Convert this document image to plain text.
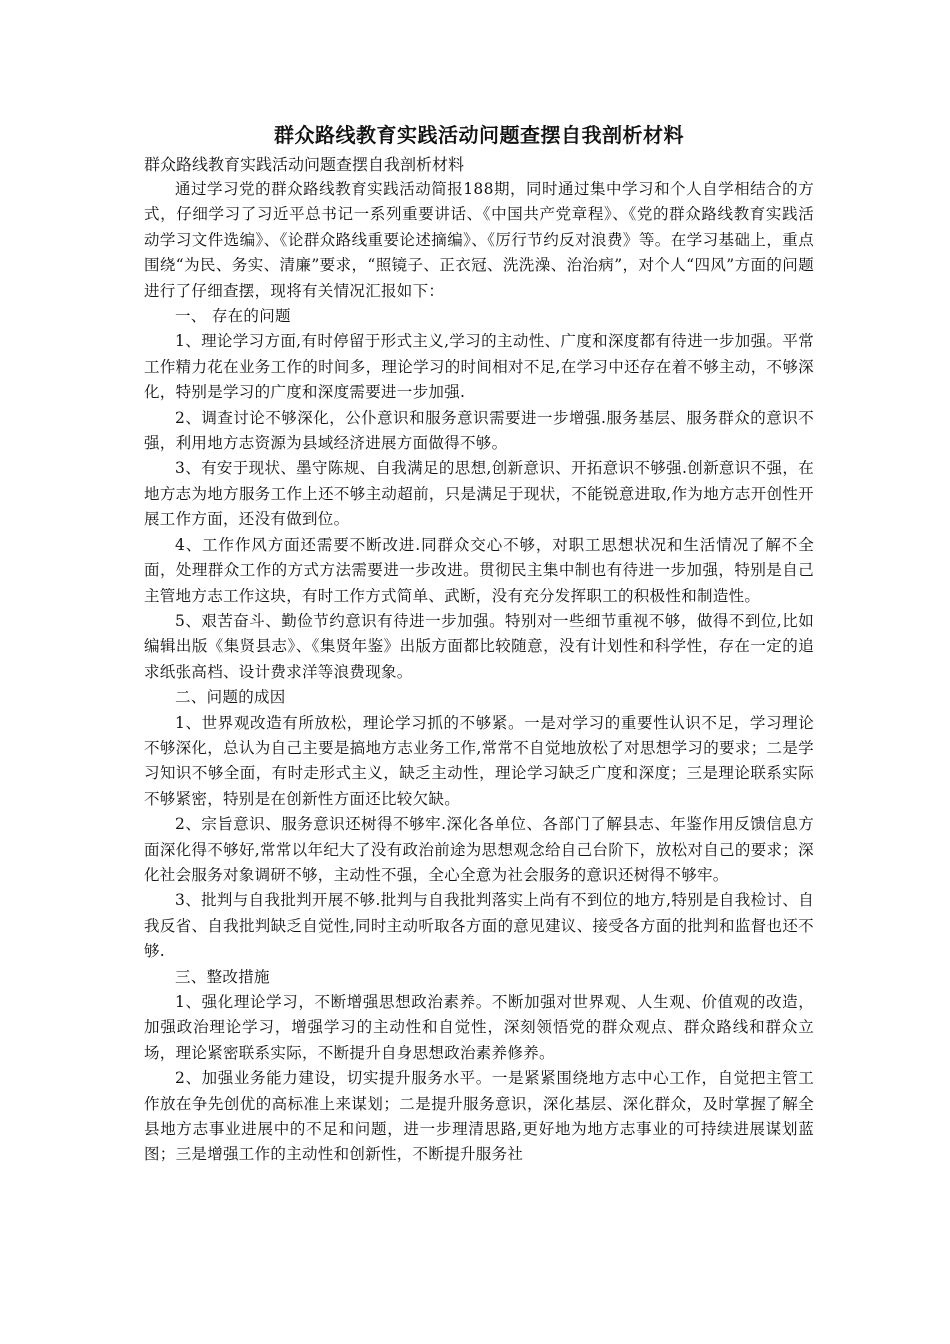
群众路线教育实践活动问题查摆自我剖析材料

群众路线教育实践活动问题查摆自我剖析材料

通过学习党的群众路线教育实践活动简报188期，同时通过集中学习和个人自学相结合的方式，仔细学习了习近平总书记一系列重要讲话、《中国共产党章程》、《党的群众路线教育实践活动学习文件选编》、《论群众路线重要论述摘编》、《厉行节约反对浪费》等。在学习基础上，重点围绕“为民、务实、清廉”要求，“照镜子、正衣冠、洗洗澡、治治病”，对个人“四风”方面的问题进行了仔细查摆，现将有关情况汇报如下：

一、 存在的问题

1、理论学习方面,有时停留于形式主义,学习的主动性、广度和深度都有待进一步加强。平常工作精力花在业务工作的时间多，理论学习的时间相对不足,在学习中还存在着不够主动，不够深化，特别是学习的广度和深度需要进一步加强.

2、调查讨论不够深化，公仆意识和服务意识需要进一步增强.服务基层、服务群众的意识不强，利用地方志资源为县域经济进展方面做得不够。

3、有安于现状、墨守陈规、自我满足的思想,创新意识、开拓意识不够强.创新意识不强，在地方志为地方服务工作上还不够主动超前，只是满足于现状，不能锐意进取,作为地方志开创性开展工作方面，还没有做到位。

4、工作作风方面还需要不断改进.同群众交心不够，对职工思想状况和生活情况了解不全面，处理群众工作的方式方法需要进一步改进。贯彻民主集中制也有待进一步加强，特别是自己主管地方志工作这块，有时工作方式简单、武断，没有充分发挥职工的积极性和制造性。

5、艰苦奋斗、勤俭节约意识有待进一步加强。特别对一些细节重视不够，做得不到位,比如编辑出版《集贤县志》、《集贤年鉴》出版方面都比较随意，没有计划性和科学性，存在一定的追求纸张高档、设计费求洋等浪费现象。

二、问题的成因

1、世界观改造有所放松，理论学习抓的不够紧。一是对学习的重要性认识不足，学习理论不够深化，总认为自己主要是搞地方志业务工作,常常不自觉地放松了对思想学习的要求；二是学习知识不够全面，有时走形式主义，缺乏主动性，理论学习缺乏广度和深度；三是理论联系实际不够紧密，特别是在创新性方面还比较欠缺。

2、宗旨意识、服务意识还树得不够牢.深化各单位、各部门了解县志、年鉴作用反馈信息方面深化得不够好,常常以年纪大了没有政治前途为思想观念给自己台阶下，放松对自己的要求；深化社会服务对象调研不够，主动性不强，全心全意为社会服务的意识还树得不够牢。

3、批判与自我批判开展不够.批判与自我批判落实上尚有不到位的地方,特别是自我检讨、自我反省、自我批判缺乏自觉性,同时主动听取各方面的意见建议、接受各方面的批判和监督也还不够.

三、整改措施

1、强化理论学习，不断增强思想政治素养。不断加强对世界观、人生观、价值观的改造，加强政治理论学习，增强学习的主动性和自觉性，深刻领悟党的群众观点、群众路线和群众立场，理论紧密联系实际，不断提升自身思想政治素养修养。

2、加强业务能力建设，切实提升服务水平。一是紧紧围绕地方志中心工作，自觉把主管工作放在争先创优的高标准上来谋划；二是提升服务意识，深化基层、深化群众，及时掌握了解全县地方志事业进展中的不足和问题，进一步理清思路,更好地为地方志事业的可持续进展谋划蓝图；三是增强工作的主动性和创新性，不断提升服务社
